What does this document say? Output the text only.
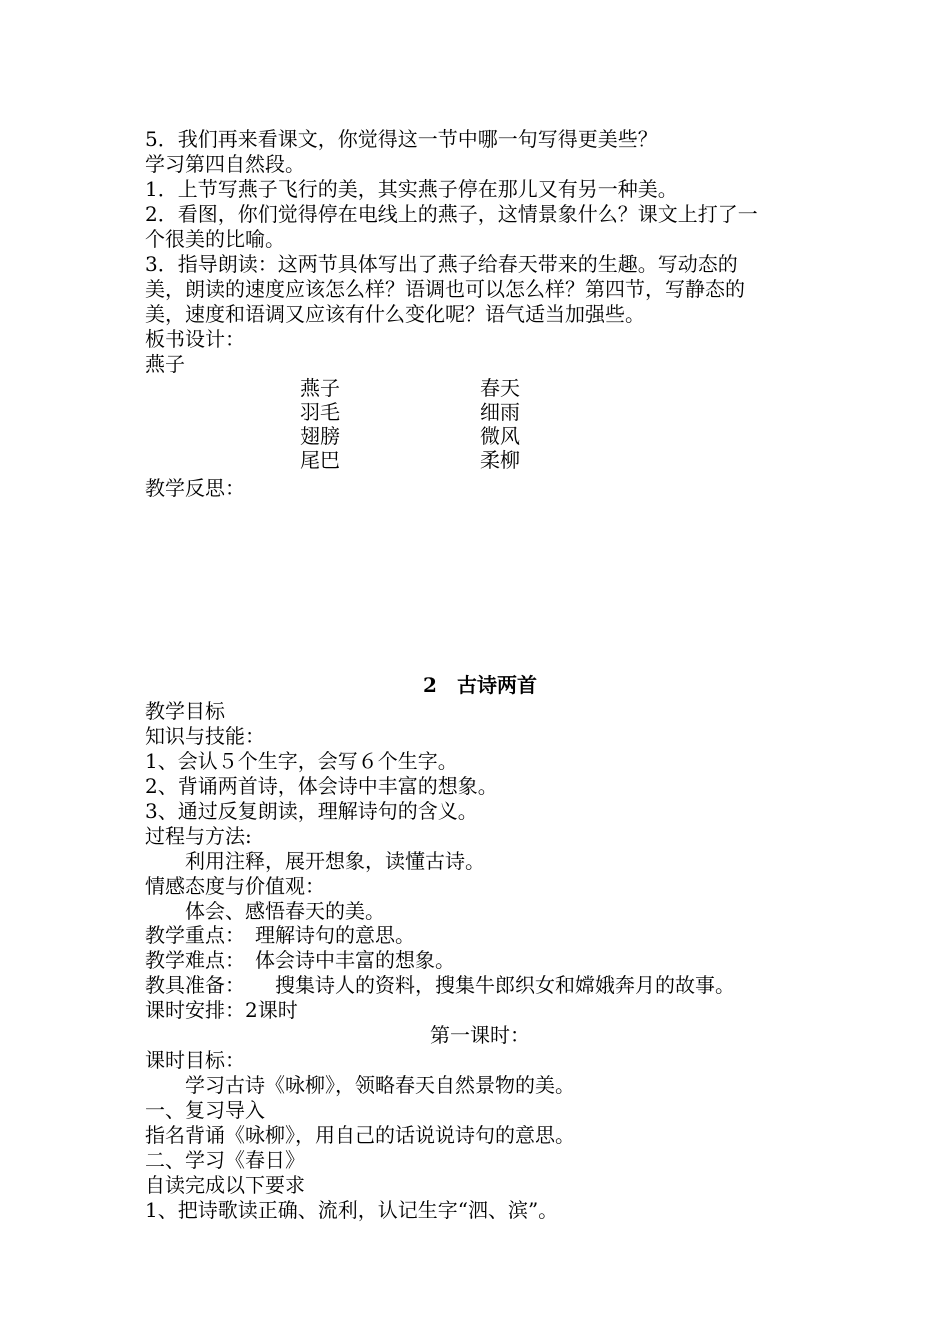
5．我们再来看课文，你觉得这一节中哪一句写得更美些？
学习第四自然段。
1．上节写燕子飞行的美，其实燕子停在那儿又有另一种美。
2．看图，你们觉得停在电线上的燕子，这情景象什么？课文上打了一
个很美的比喻。
3．指导朗读：这两节具体写出了燕子给春天带来的生趣。写动态的
美，朗读的速度应该怎么样？语调也可以怎么样？第四节，写静态的
美，速度和语调又应该有什么变化呢？语气适当加强些。
板书设计：
燕子
燕子
羽毛
翅膀
尾巴
春天
细雨
微风
柔柳
教学反思：
2　古诗两首
教学目标
知识与技能：
1、会认５个生字，会写６个生字。
2、背诵两首诗，体会诗中丰富的想象。
3、通过反复朗读，理解诗句的含义。
过程与方法:
　　利用注释，展开想象，读懂古诗。
情感态度与价值观：
　　体会、感悟春天的美。
教学重点：　理解诗句的意思。
教学难点：　体会诗中丰富的想象。
教具准备：　　搜集诗人的资料，搜集牛郎织女和嫦娥奔月的故事。
课时安排：2课时
第一课时：
课时目标：
　　学习古诗《咏柳》，领略春天自然景物的美。
一、复习导入
指名背诵《咏柳》，用自己的话说说诗句的意思。
二、学习《春日》
自读完成以下要求
1、把诗歌读正确、流利，认记生字“泗、滨”。
